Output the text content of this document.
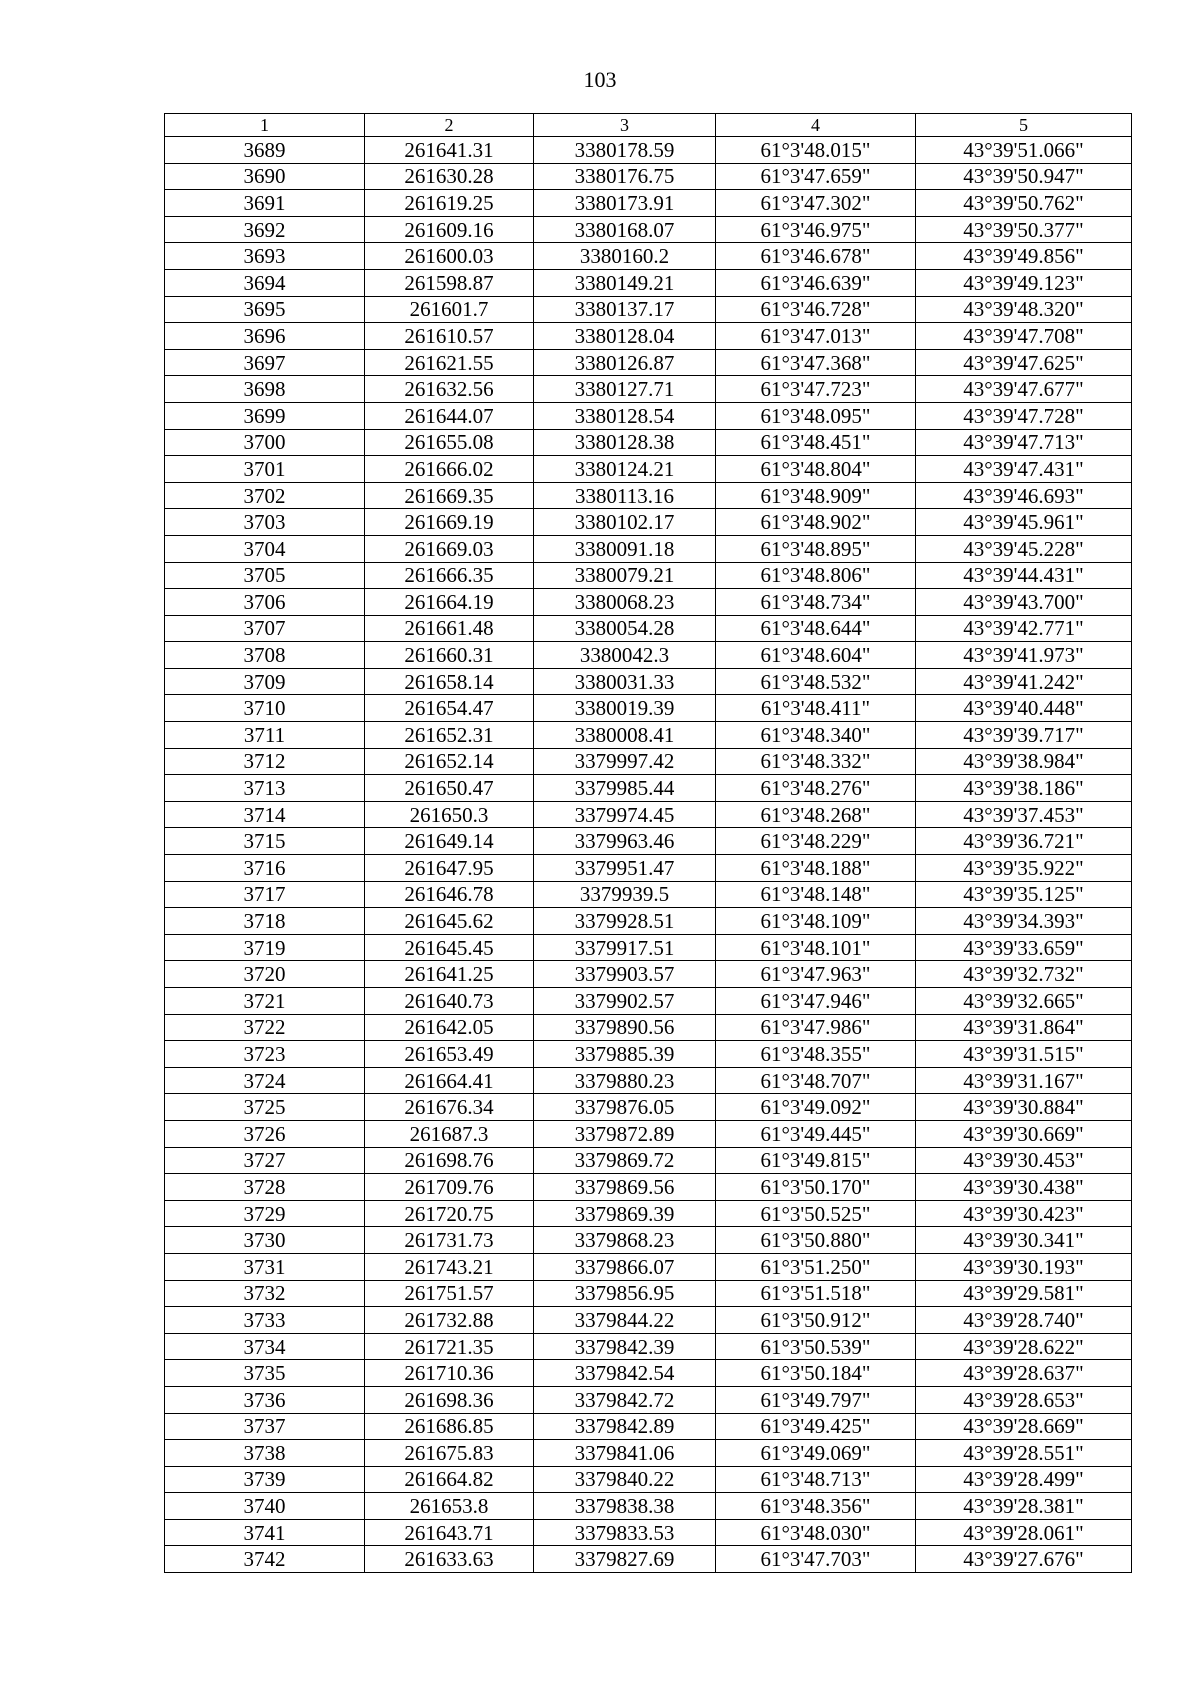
103
1	2	3	4	5
3689	261641.31	3380178.59	61°3'48.015"	43°39'51.066"
3690	261630.28	3380176.75	61°3'47.659"	43°39'50.947"
3691	261619.25	3380173.91	61°3'47.302"	43°39'50.762"
3692	261609.16	3380168.07	61°3'46.975"	43°39'50.377"
3693	261600.03	3380160.2	61°3'46.678"	43°39'49.856"
3694	261598.87	3380149.21	61°3'46.639"	43°39'49.123"
3695	261601.7	3380137.17	61°3'46.728"	43°39'48.320"
3696	261610.57	3380128.04	61°3'47.013"	43°39'47.708"
3697	261621.55	3380126.87	61°3'47.368"	43°39'47.625"
3698	261632.56	3380127.71	61°3'47.723"	43°39'47.677"
3699	261644.07	3380128.54	61°3'48.095"	43°39'47.728"
3700	261655.08	3380128.38	61°3'48.451"	43°39'47.713"
3701	261666.02	3380124.21	61°3'48.804"	43°39'47.431"
3702	261669.35	3380113.16	61°3'48.909"	43°39'46.693"
3703	261669.19	3380102.17	61°3'48.902"	43°39'45.961"
3704	261669.03	3380091.18	61°3'48.895"	43°39'45.228"
3705	261666.35	3380079.21	61°3'48.806"	43°39'44.431"
3706	261664.19	3380068.23	61°3'48.734"	43°39'43.700"
3707	261661.48	3380054.28	61°3'48.644"	43°39'42.771"
3708	261660.31	3380042.3	61°3'48.604"	43°39'41.973"
3709	261658.14	3380031.33	61°3'48.532"	43°39'41.242"
3710	261654.47	3380019.39	61°3'48.411"	43°39'40.448"
3711	261652.31	3380008.41	61°3'48.340"	43°39'39.717"
3712	261652.14	3379997.42	61°3'48.332"	43°39'38.984"
3713	261650.47	3379985.44	61°3'48.276"	43°39'38.186"
3714	261650.3	3379974.45	61°3'48.268"	43°39'37.453"
3715	261649.14	3379963.46	61°3'48.229"	43°39'36.721"
3716	261647.95	3379951.47	61°3'48.188"	43°39'35.922"
3717	261646.78	3379939.5	61°3'48.148"	43°39'35.125"
3718	261645.62	3379928.51	61°3'48.109"	43°39'34.393"
3719	261645.45	3379917.51	61°3'48.101"	43°39'33.659"
3720	261641.25	3379903.57	61°3'47.963"	43°39'32.732"
3721	261640.73	3379902.57	61°3'47.946"	43°39'32.665"
3722	261642.05	3379890.56	61°3'47.986"	43°39'31.864"
3723	261653.49	3379885.39	61°3'48.355"	43°39'31.515"
3724	261664.41	3379880.23	61°3'48.707"	43°39'31.167"
3725	261676.34	3379876.05	61°3'49.092"	43°39'30.884"
3726	261687.3	3379872.89	61°3'49.445"	43°39'30.669"
3727	261698.76	3379869.72	61°3'49.815"	43°39'30.453"
3728	261709.76	3379869.56	61°3'50.170"	43°39'30.438"
3729	261720.75	3379869.39	61°3'50.525"	43°39'30.423"
3730	261731.73	3379868.23	61°3'50.880"	43°39'30.341"
3731	261743.21	3379866.07	61°3'51.250"	43°39'30.193"
3732	261751.57	3379856.95	61°3'51.518"	43°39'29.581"
3733	261732.88	3379844.22	61°3'50.912"	43°39'28.740"
3734	261721.35	3379842.39	61°3'50.539"	43°39'28.622"
3735	261710.36	3379842.54	61°3'50.184"	43°39'28.637"
3736	261698.36	3379842.72	61°3'49.797"	43°39'28.653"
3737	261686.85	3379842.89	61°3'49.425"	43°39'28.669"
3738	261675.83	3379841.06	61°3'49.069"	43°39'28.551"
3739	261664.82	3379840.22	61°3'48.713"	43°39'28.499"
3740	261653.8	3379838.38	61°3'48.356"	43°39'28.381"
3741	261643.71	3379833.53	61°3'48.030"	43°39'28.061"
3742	261633.63	3379827.69	61°3'47.703"	43°39'27.676"
